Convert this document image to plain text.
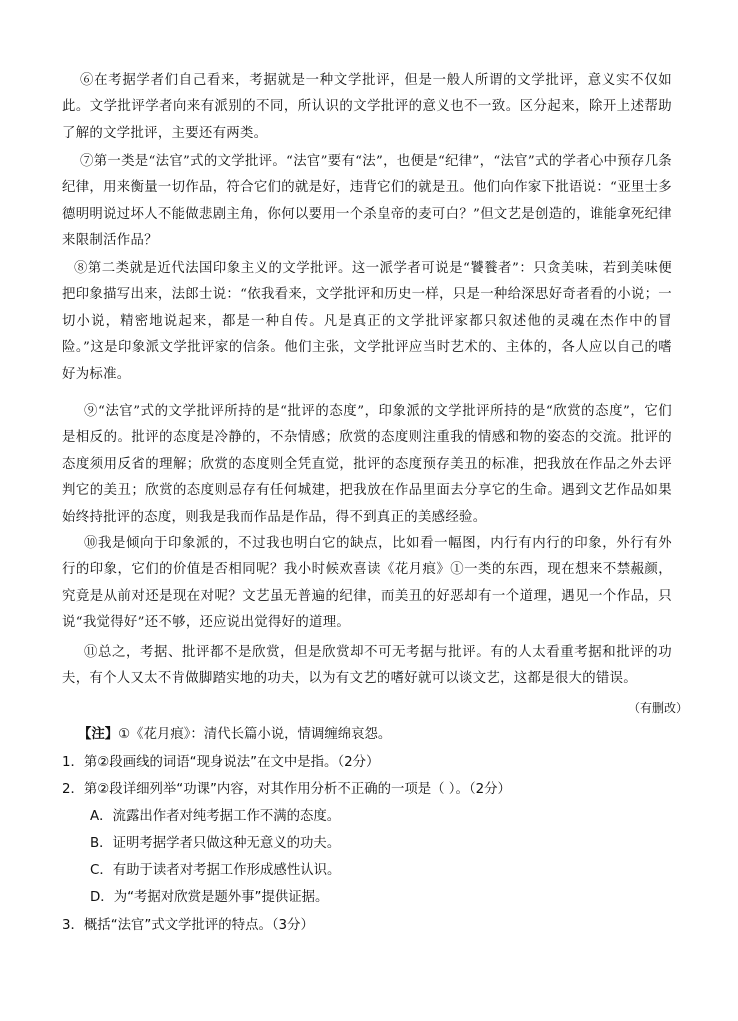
⑥在考据学者们自己看来，考据就是一种文学批评，但是一般人所谓的文学批评，意义实不仅如此。文学批评学者向来有派别的不同，所认识的文学批评的意义也不一致。区分起来，除开上述帮助了解的文学批评，主要还有两类。
⑦第一类是“法官”式的文学批评。“法官”要有“法”，也便是“纪律”，“法官”式的学者心中预存几条纪律，用来衡量一切作品，符合它们的就是好，违背它们的就是丑。他们向作家下批语说：“亚里士多德明明说过坏人不能做悲剧主角，你何以要用一个杀皇帝的麦可白？”但文艺是创造的，谁能拿死纪律来限制活作品？
⑧第二类就是近代法国印象主义的文学批评。这一派学者可说是“饕餮者”：只贪美味，若到美味便把印象描写出来，法郎士说：“依我看来，文学批评和历史一样，只是一种给深思好奇者看的小说；一切小说，精密地说起来，都是一种自传。凡是真正的文学批评家都只叙述他的灵魂在杰作中的冒险。”这是印象派文学批评家的信条。他们主张，文学批评应当时艺术的、主体的，各人应以自己的嗜好为标准。
⑨“法官”式的文学批评所持的是“批评的态度”，印象派的文学批评所持的是“欣赏的态度”，它们是相反的。批评的态度是冷静的，不杂情感；欣赏的态度则注重我的情感和物的姿态的交流。批评的态度须用反省的理解；欣赏的态度则全凭直觉，批评的态度预存美丑的标准，把我放在作品之外去评判它的美丑；欣赏的态度则忌存有任何城建，把我放在作品里面去分享它的生命。遇到文艺作品如果始终持批评的态度，则我是我而作品是作品，得不到真正的美感经验。
⑩我是倾向于印象派的，不过我也明白它的缺点，比如看一幅图，内行有内行的印象，外行有外行的印象，它们的价值是否相同呢？我小时候欢喜读《花月痕》①一类的东西，现在想来不禁赧颜，究竟是从前对还是现在对呢？文艺虽无普遍的纪律，而美丑的好恶却有一个道理，遇见一个作品，只说“我觉得好”还不够，还应说出觉得好的道理。
⑪总之，考据、批评都不是欣赏，但是欣赏却不可无考据与批评。有的人太看重考据和批评的功夫，有个人又太不肯做脚踏实地的功夫，以为有文艺的嗜好就可以谈文艺，这都是很大的错误。
（有删改）
【注】①《花月痕》：清代长篇小说，情调缠绵哀怨。
1．第②段画线的词语“现身说法”在文中是指。（2分）
2．第②段详细列举“功课”内容，对其作用分析不正确的一项是（ ）。（2分）
A．流露出作者对纯考据工作不满的态度。
B．证明考据学者只做这种无意义的功夫。
C．有助于读者对考据工作形成感性认识。
D．为“考据对欣赏是题外事”提供证据。
3．概括“法官”式文学批评的特点。（3分）
